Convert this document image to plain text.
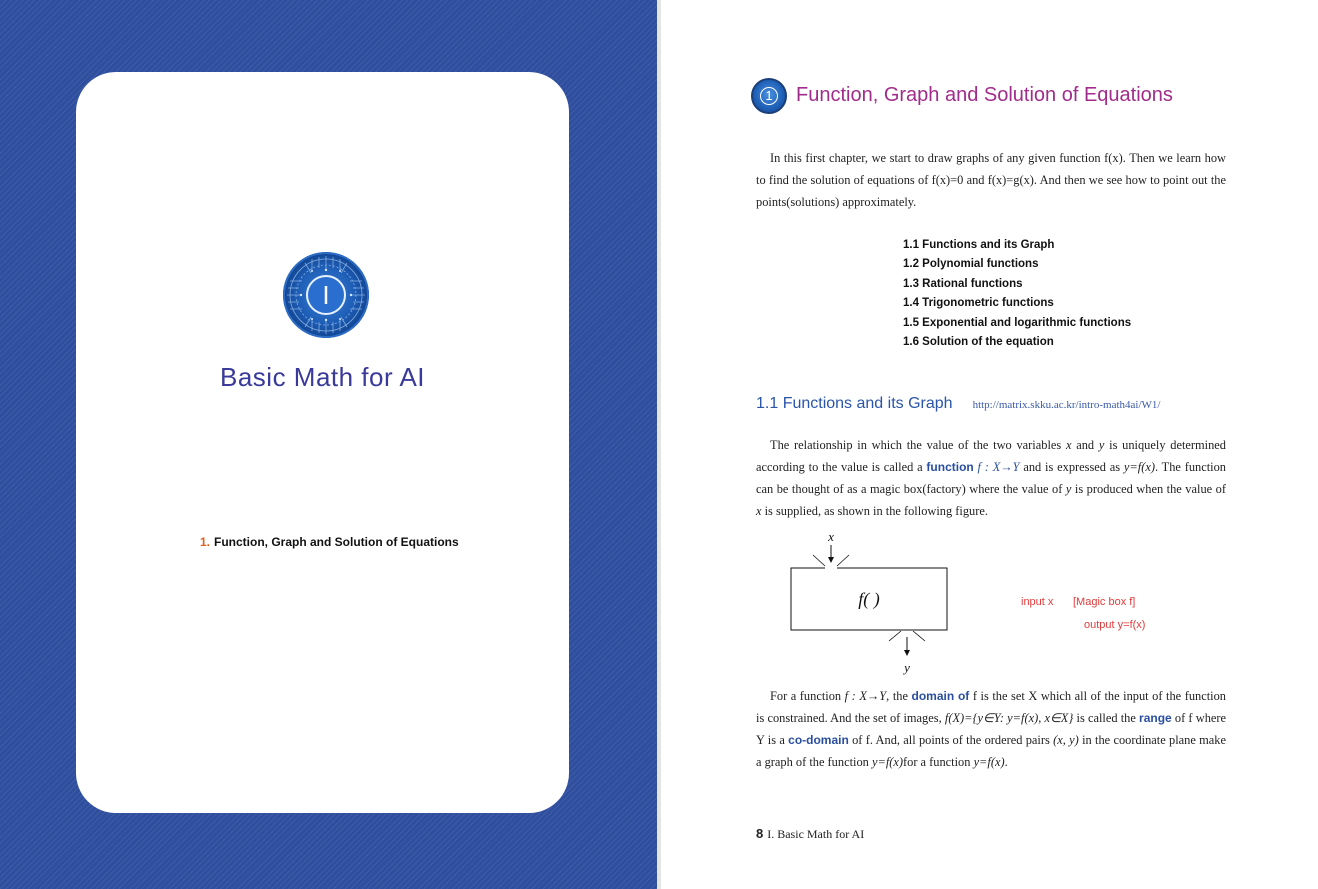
I
Basic Math for AI
1. Function, Graph and Solution of Equations
1 Function, Graph and Solution of Equations

In this first chapter, we start to draw graphs of any given function f(x). Then we learn how to find the solution of equations of f(x)=0 and f(x)=g(x). And then we see how to point out the points(solutions) approximately.

1.1 Functions and its Graph
1.2 Polynomial functions
1.3 Rational functions
1.4 Trigonometric functions
1.5 Exponential and logarithmic functions
1.6 Solution of the equation
1.1 Functions and its Graph http://matrix.skku.ac.kr/intro-math4ai/W1/

The relationship in which the value of the two variables x and y is uniquely determined according to the value is called a function f : X→Y and is expressed as y=f(x). The function can be thought of as a magic box(factory) where the value of y is produced when the value of x is supplied, as shown in the following figure.

x
f( )
y
input x [Magic box f]
output y=f(x)

For a function f : X→Y, the domain of f is the set X which all of the input of the function is constrained. And the set of images, f(X)={y∈Y: y=f(x), x∈X} is called the range of f where Y is a co-domain of f. And, all points of the ordered pairs (x, y) in the coordinate plane make a graph of the function y=f(x)for a function y=f(x).

8 I. Basic Math for AI
